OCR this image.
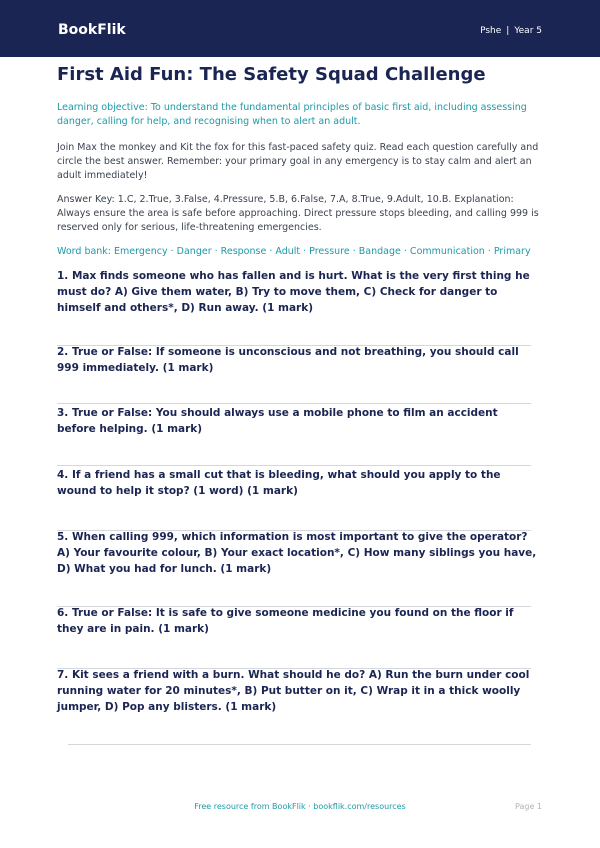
BookFlik	Pshe | Year 5
First Aid Fun: The Safety Squad Challenge

Learning objective: To understand the fundamental principles of basic first aid, including assessing danger, calling for help, and recognising when to alert an adult.

Join Max the monkey and Kit the fox for this fast-paced safety quiz. Read each question carefully and circle the best answer. Remember: your primary goal in any emergency is to stay calm and alert an adult immediately!

Answer Key: 1.C, 2.True, 3.False, 4.Pressure, 5.B, 6.False, 7.A, 8.True, 9.Adult, 10.B. Explanation: Always ensure the area is safe before approaching. Direct pressure stops bleeding, and calling 999 is reserved only for serious, life-threatening emergencies.

Word bank: Emergency · Danger · Response · Adult · Pressure · Bandage · Communication · Primary

1. Max finds someone who has fallen and is hurt. What is the very first thing he must do? A) Give them water, B) Try to move them, C) Check for danger to himself and others*, D) Run away. (1 mark)

2. True or False: If someone is unconscious and not breathing, you should call 999 immediately. (1 mark)

3. True or False: You should always use a mobile phone to film an accident before helping. (1 mark)

4. If a friend has a small cut that is bleeding, what should you apply to the wound to help it stop? (1 word) (1 mark)

5. When calling 999, which information is most important to give the operator? A) Your favourite colour, B) Your exact location*, C) How many siblings you have, D) What you had for lunch. (1 mark)

6. True or False: It is safe to give someone medicine you found on the floor if they are in pain. (1 mark)

7. Kit sees a friend with a burn. What should he do? A) Run the burn under cool running water for 20 minutes*, B) Put butter on it, C) Wrap it in a thick woolly jumper, D) Pop any blisters. (1 mark)

Free resource from BookFlik · bookflik.com/resources	Page 1
